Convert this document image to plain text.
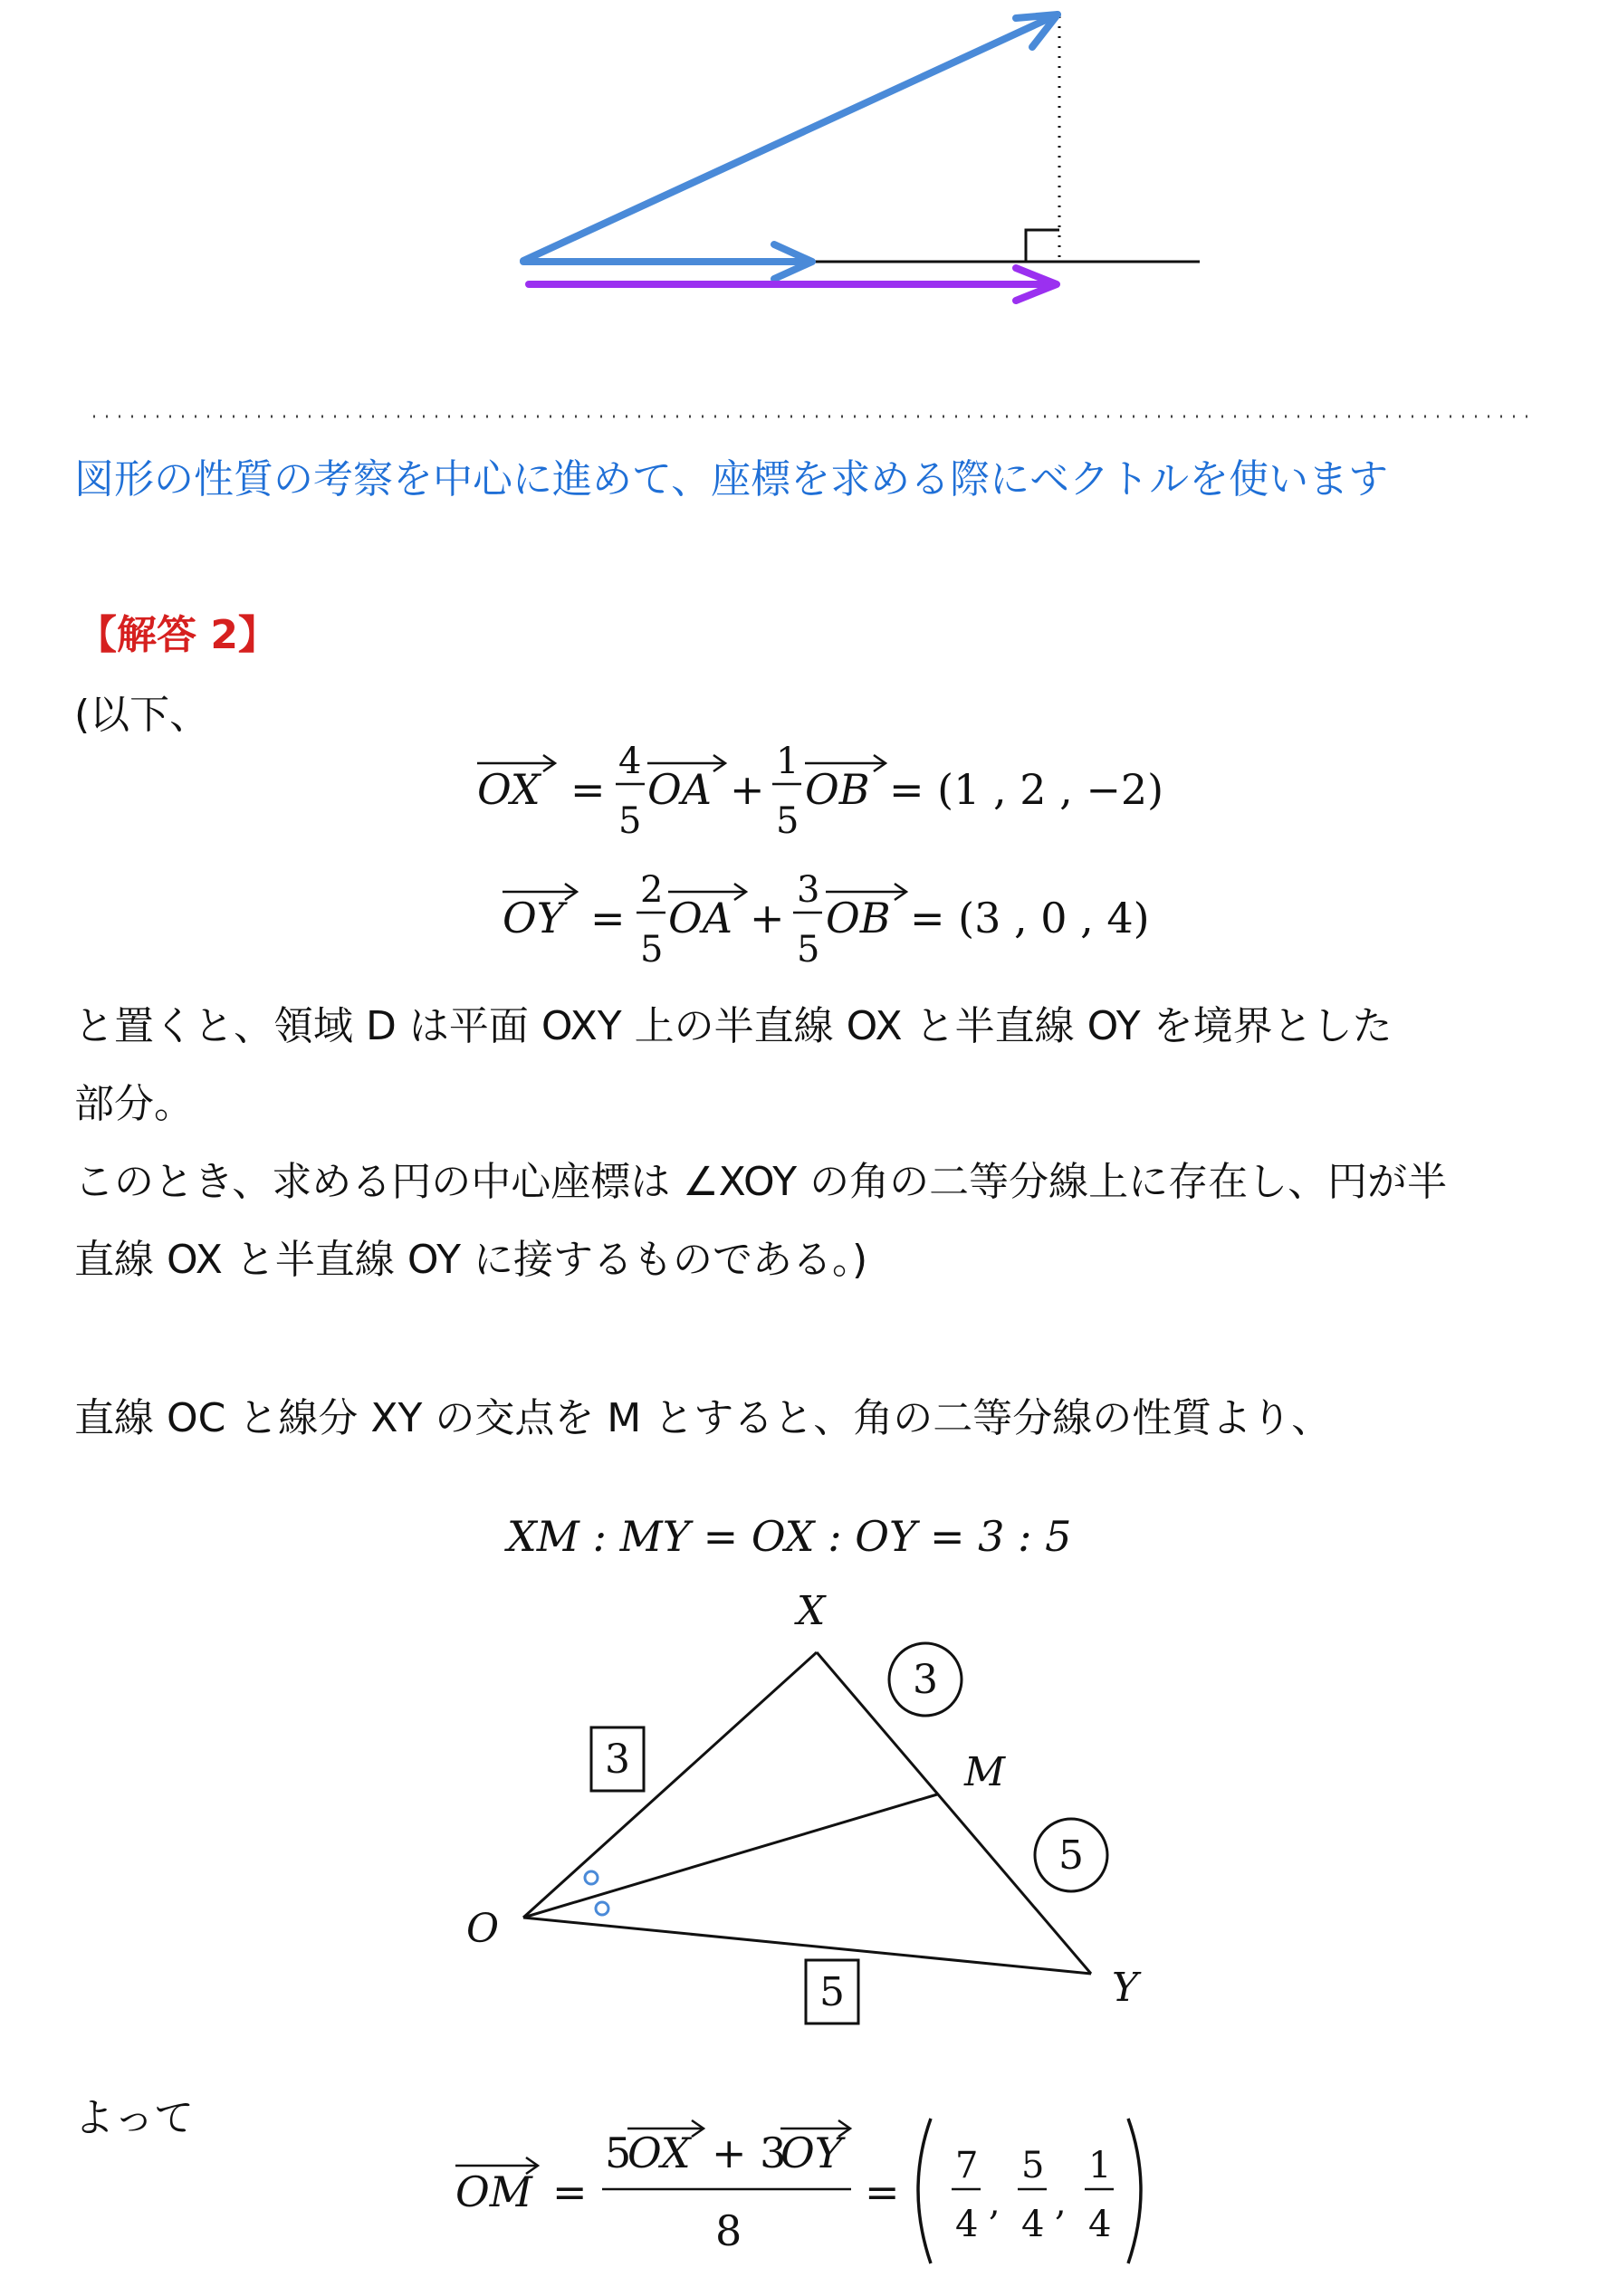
図形の性質の考察を中心に進めて、座標を求める際にベクトルを使います
【解答 2】
(以下、
OX =
4
5
OA +
1
5
OB = (1 , 2 , −2)
OY =
2
5
OA +
3
5
OB = (3 , 0 , 4)
と置くと、領域 D は平面 OXY 上の半直線 OX と半直線 OY を境界とした
部分。
このとき、求める円の中心座標は ∠XOY の角の二等分線上に存在し、円が半
直線 OX と半直線 OY に接するものである。)
直線 OC と線分 XY の交点を M とすると、角の二等分線の性質より、
XM : MY = OX : OY = 3 : 5
X
O
Y
M
3
5
3
5
よって
OM =
5
OX + 3
OY
8
=
7
4
,
5
4
,
1
4
